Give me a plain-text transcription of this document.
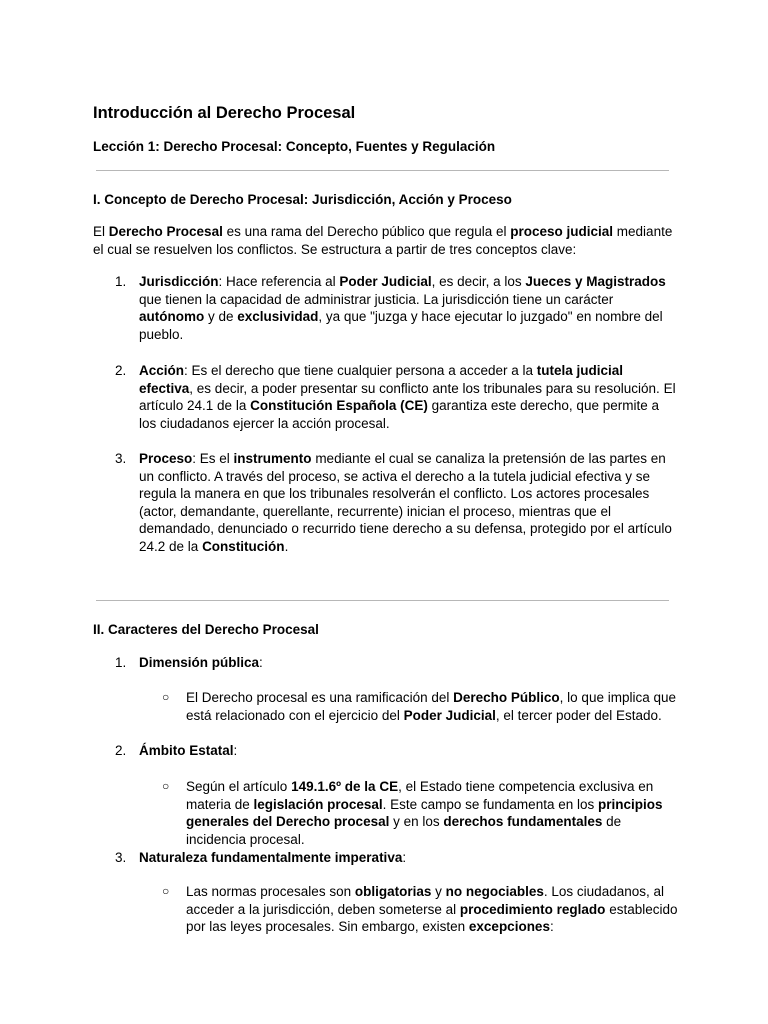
Introducción al Derecho Procesal
Lección 1: Derecho Procesal: Concepto, Fuentes y Regulación
I. Concepto de Derecho Procesal: Jurisdicción, Acción y Proceso

El Derecho Procesal es una rama del Derecho público que regula el proceso judicial mediante el cual se resuelven los conflictos. Se estructura a partir de tres conceptos clave:

1. Jurisdicción: Hace referencia al Poder Judicial, es decir, a los Jueces y Magistrados que tienen la capacidad de administrar justicia. La jurisdicción tiene un carácter autónomo y de exclusividad, ya que "juzga y hace ejecutar lo juzgado" en nombre del pueblo.
2. Acción: Es el derecho que tiene cualquier persona a acceder a la tutela judicial efectiva, es decir, a poder presentar su conflicto ante los tribunales para su resolución. El artículo 24.1 de la Constitución Española (CE) garantiza este derecho, que permite a los ciudadanos ejercer la acción procesal.
3. Proceso: Es el instrumento mediante el cual se canaliza la pretensión de las partes en un conflicto. A través del proceso, se activa el derecho a la tutela judicial efectiva y se regula la manera en que los tribunales resolverán el conflicto. Los actores procesales (actor, demandante, querellante, recurrente) inician el proceso, mientras que el demandado, denunciado o recurrido tiene derecho a su defensa, protegido por el artículo 24.2 de la Constitución.
II. Caracteres del Derecho Procesal
1. Dimensión pública:
○ El Derecho procesal es una ramificación del Derecho Público, lo que implica que está relacionado con el ejercicio del Poder Judicial, el tercer poder del Estado.
2. Ámbito Estatal:
○ Según el artículo 149.1.6º de la CE, el Estado tiene competencia exclusiva en materia de legislación procesal. Este campo se fundamenta en los principios generales del Derecho procesal y en los derechos fundamentales de incidencia procesal.
3. Naturaleza fundamentalmente imperativa:
○ Las normas procesales son obligatorias y no negociables. Los ciudadanos, al acceder a la jurisdicción, deben someterse al procedimiento reglado establecido por las leyes procesales. Sin embargo, existen excepciones:
